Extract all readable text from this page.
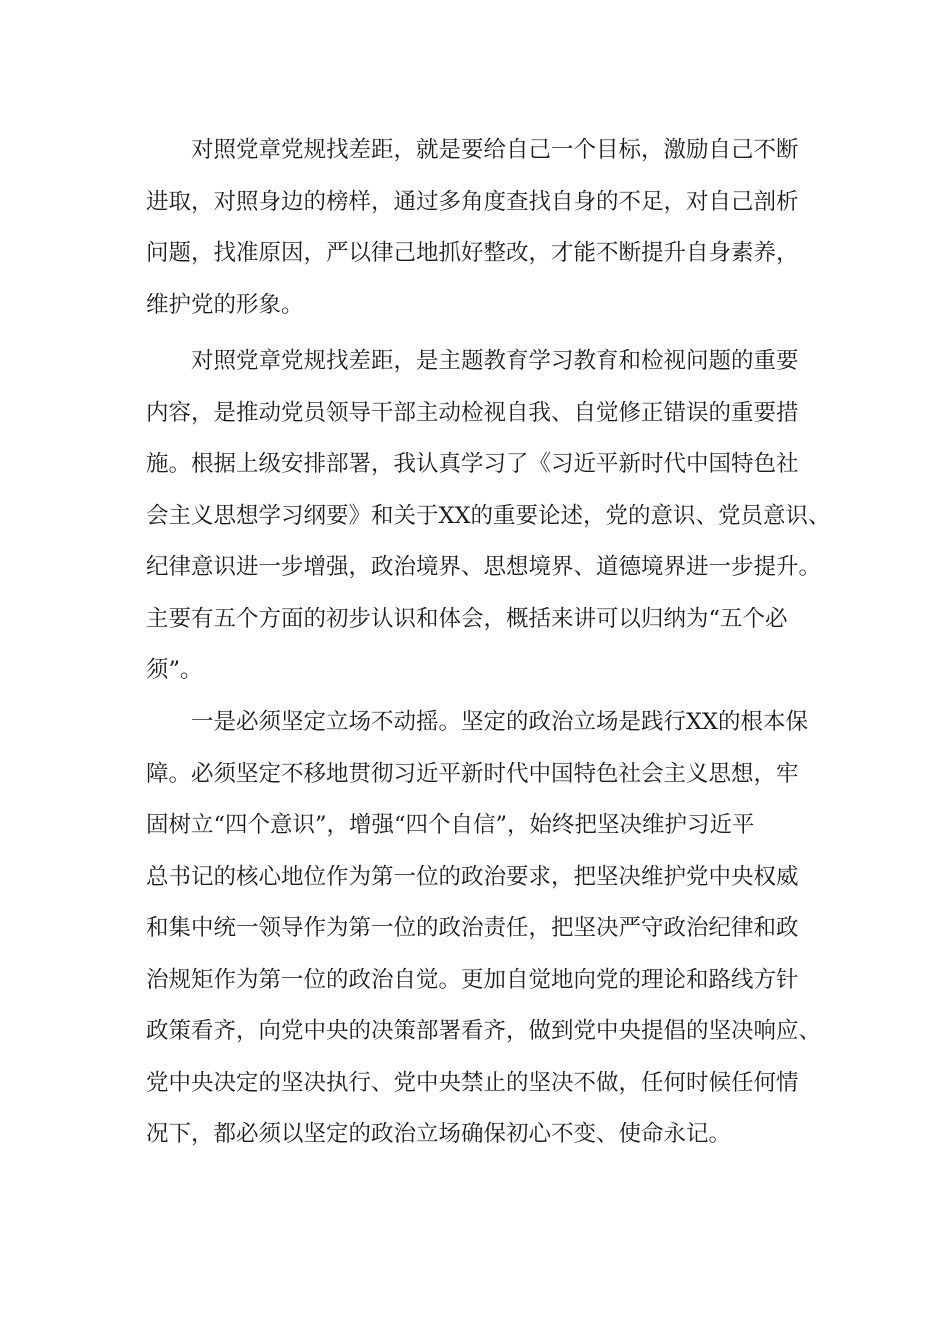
对照党章党规找差距，就是要给自己一个目标，激励自己不断
进取，对照身边的榜样，通过多角度查找自身的不足，对自己剖析
问题，找准原因，严以律己地抓好整改，才能不断提升自身素养，
维护党的形象。

对照党章党规找差距，是主题教育学习教育和检视问题的重要
内容，是推动党员领导干部主动检视自我、自觉修正错误的重要措
施。根据上级安排部署，我认真学习了《习近平新时代中国特色社
会主义思想学习纲要》和关于XX的重要论述，党的意识、党员意识、
纪律意识进一步增强，政治境界、思想境界、道德境界进一步提升。
主要有五个方面的初步认识和体会，概括来讲可以归纳为“五个必
须”。

一是必须坚定立场不动摇。坚定的政治立场是践行XX的根本保
障。必须坚定不移地贯彻习近平新时代中国特色社会主义思想，牢
固树立“四个意识”，增强“四个自信”，始终把坚决维护习近平
总书记的核心地位作为第一位的政治要求，把坚决维护党中央权威
和集中统一领导作为第一位的政治责任，把坚决严守政治纪律和政
治规矩作为第一位的政治自觉。更加自觉地向党的理论和路线方针
政策看齐，向党中央的决策部署看齐，做到党中央提倡的坚决响应、
党中央决定的坚决执行、党中央禁止的坚决不做，任何时候任何情
况下，都必须以坚定的政治立场确保初心不变、使命永记。
